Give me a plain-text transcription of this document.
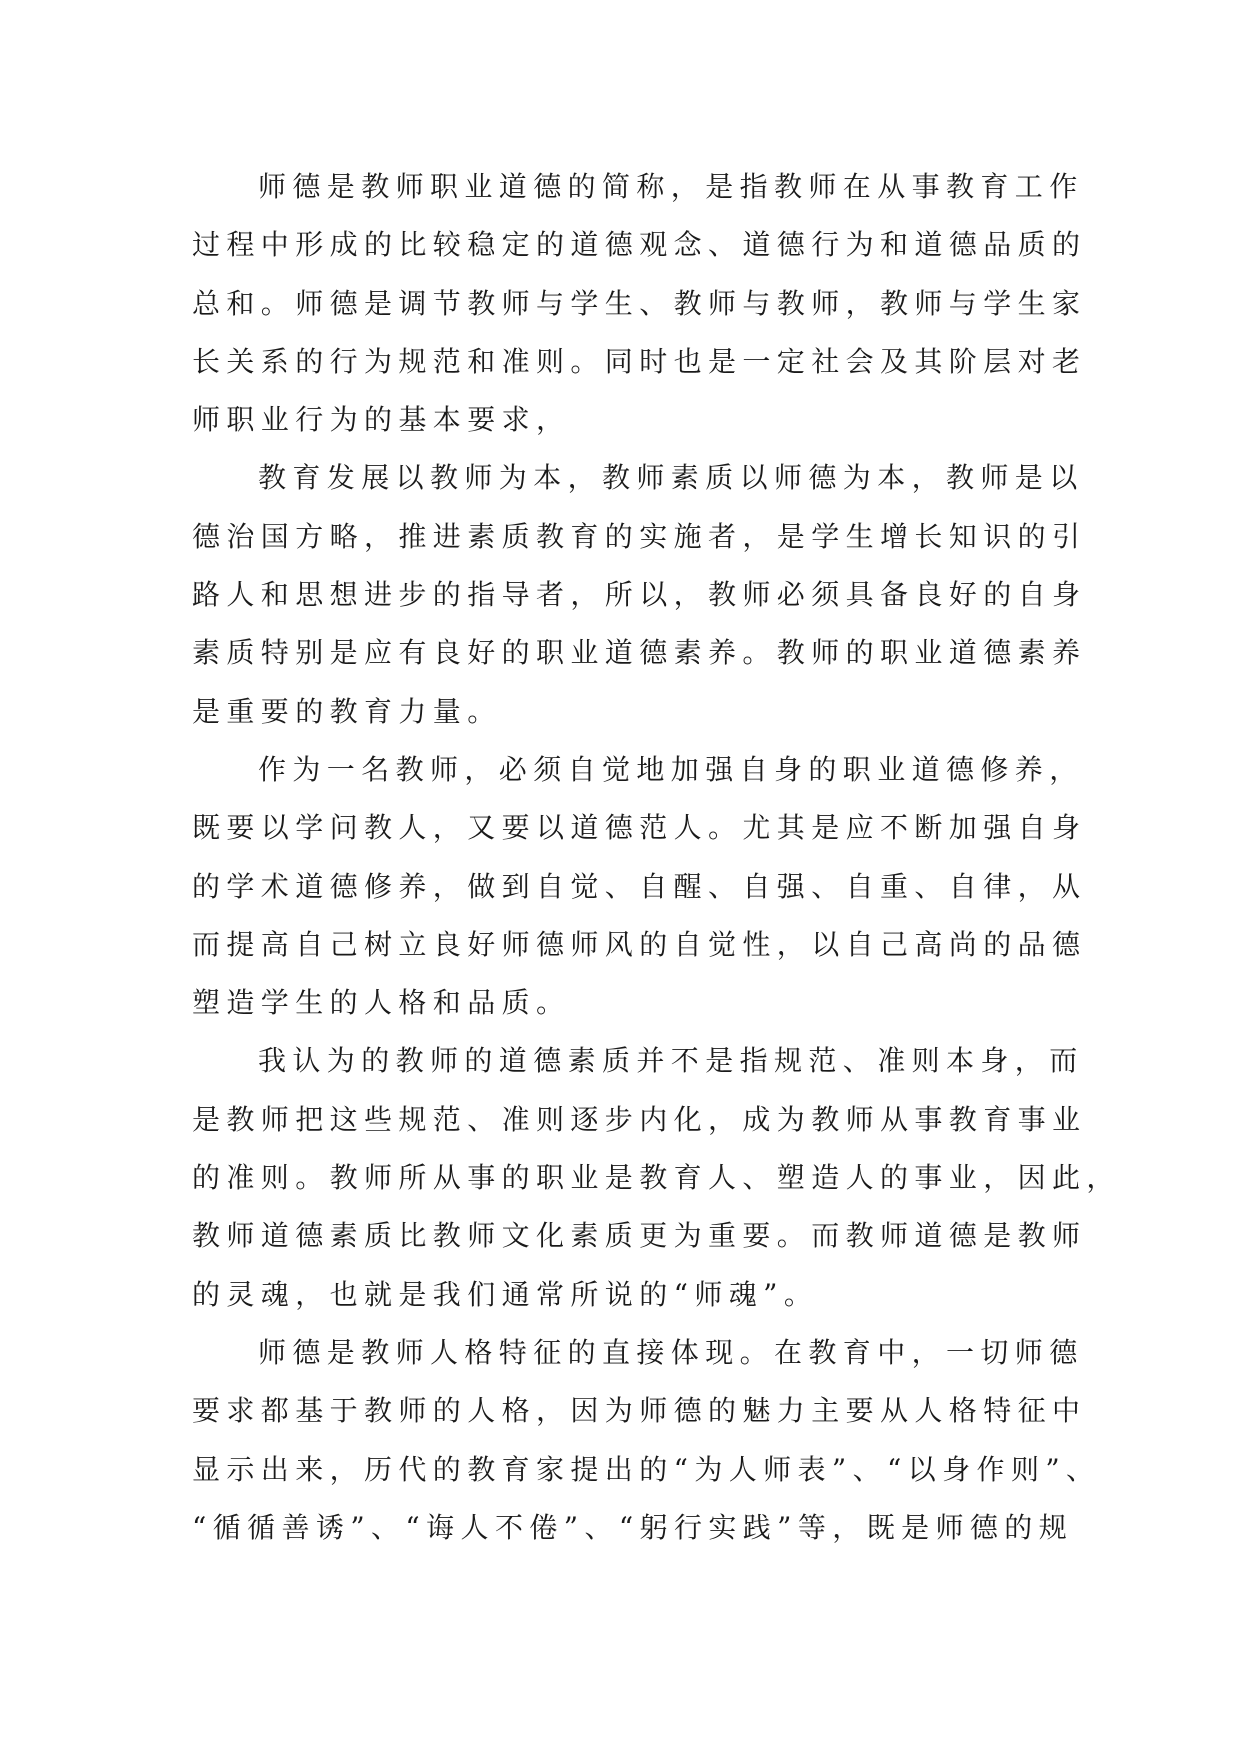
师德是教师职业道德的简称，是指教师在从事教育工作
过程中形成的比较稳定的道德观念、道德行为和道德品质的
总和。师德是调节教师与学生、教师与教师，教师与学生家
长关系的行为规范和准则。同时也是一定社会及其阶层对老
师职业行为的基本要求，
教育发展以教师为本，教师素质以师德为本，教师是以
德治国方略，推进素质教育的实施者，是学生增长知识的引
路人和思想进步的指导者，所以，教师必须具备良好的自身
素质特别是应有良好的职业道德素养。教师的职业道德素养
是重要的教育力量。
作为一名教师，必须自觉地加强自身的职业道德修养，
既要以学问教人，又要以道德范人。尤其是应不断加强自身
的学术道德修养，做到自觉、自醒、自强、自重、自律，从
而提高自己树立良好师德师风的自觉性，以自己高尚的品德
塑造学生的人格和品质。
我认为的教师的道德素质并不是指规范、准则本身，而
是教师把这些规范、准则逐步内化，成为教师从事教育事业
的准则。教师所从事的职业是教育人、塑造人的事业，因此，
教师道德素质比教师文化素质更为重要。而教师道德是教师
的灵魂，也就是我们通常所说的“师魂”。
师德是教师人格特征的直接体现。在教育中，一切师德
要求都基于教师的人格，因为师德的魅力主要从人格特征中
显示出来，历代的教育家提出的“为人师表”、“以身作则”、
“循循善诱”、“诲人不倦”、“躬行实践”等，既是师德的规
